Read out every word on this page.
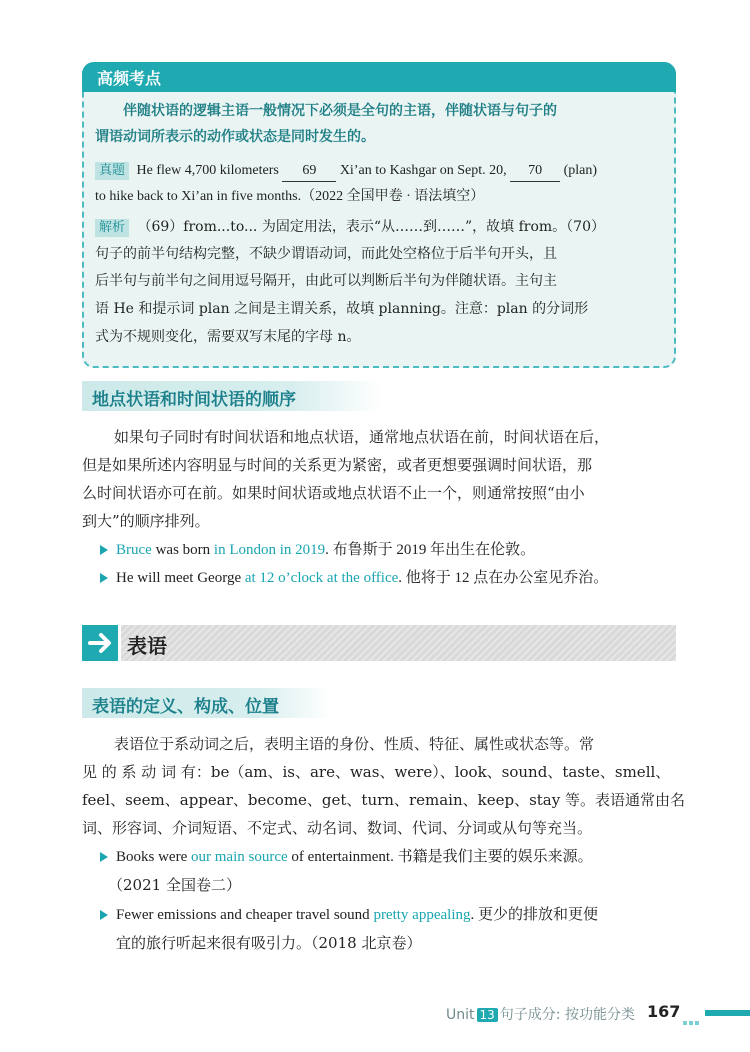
高频考点
伴随状语的逻辑主语一般情况下必须是全句的主语，伴随状语与句子的
谓语动词所表示的动作或状态是同时发生的。
真题 He flew 4,700 kilometers 69 Xi’an to Kashgar on Sept. 20, 70 (plan)
to hike back to Xi’an in five months.（2022 全国甲卷 · 语法填空）
解析 （69）from...to... 为固定用法，表示“从……到……”，故填 from。（70）
句子的前半句结构完整，不缺少谓语动词，而此处空格位于后半句开头，且
后半句与前半句之间用逗号隔开，由此可以判断后半句为伴随状语。主句主
语 He 和提示词 plan 之间是主谓关系，故填 planning。注意：plan 的分词形
式为不规则变化，需要双写末尾的字母 n。
地点状语和时间状语的顺序
如果句子同时有时间状语和地点状语，通常地点状语在前，时间状语在后，
但是如果所述内容明显与时间的关系更为紧密，或者更想要强调时间状语，那
么时间状语亦可在前。如果时间状语或地点状语不止一个，则通常按照“由小
到大”的顺序排列。
Bruce was born in London in 2019. 布鲁斯于 2019 年出生在伦敦。
He will meet George at 12 o’clock at the office. 他将于 12 点在办公室见乔治。
表语
表语的定义、构成、位置
表语位于系动词之后，表明主语的身份、性质、特征、属性或状态等。常
见 的 系 动 词 有：be（am、is、are、was、were）、look、sound、taste、smell、
feel、seem、appear、become、get、turn、remain、keep、stay 等。表语通常由名
词、形容词、介词短语、不定式、动名词、数词、代词、分词或从句等充当。
Books were our main source of entertainment. 书籍是我们主要的娱乐来源。
（2021 全国卷二）
Fewer emissions and cheaper travel sound pretty appealing. 更少的排放和更便
宜的旅行听起来很有吸引力。（2018 北京卷）
Unit 13 句子成分: 按功能分类 167
